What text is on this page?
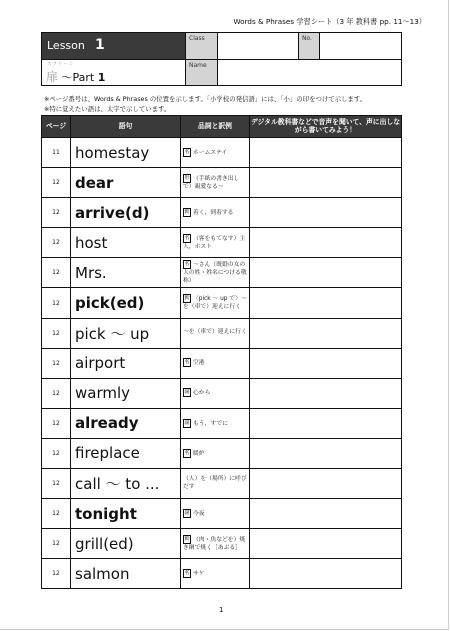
Words & Phrases 学習シート（3 年 教科書 pp. 11～13）
Lesson 1
スクリーン
扉 ～Part 1
Class	No.
Name
※ページ番号は、Words & Phrases の位置を示します。「小学校の発信語」には、「小」の印をつけて示します。
※特に覚えたい語は、太字で示しています。
ページ	語句	品詞と訳例	デジタル教科書などで音声を聞いて、声に出しながら書いてみよう！
11	homestay	名 ホームステイ	
12	dear	形 （手紙の書き出しで）親愛なる～	
12	arrive(d)	動 着く，到着する	
12	host	名 （客をもてなす）主人，ホスト	
12	Mrs.	名 ～さん（既婚の女の人の姓・姓名につける敬称）	
12	pick(ed)	動 〈pick ～ up で〉～を（車で）迎えに行く	
12	pick ～ up	～を（車で）迎えに行く	
12	airport	名 空港	
12	warmly	副 心から	
12	already	副 もう，すでに	
12	fireplace	名 暖炉	
12	call ～ to ...	（人）を（場所）に呼びだす	
12	tonight	副 今夜	
12	grill(ed)	動 （肉・魚などを）焼き網で焼く［あぶる］	
12	salmon	名 サケ	
1
